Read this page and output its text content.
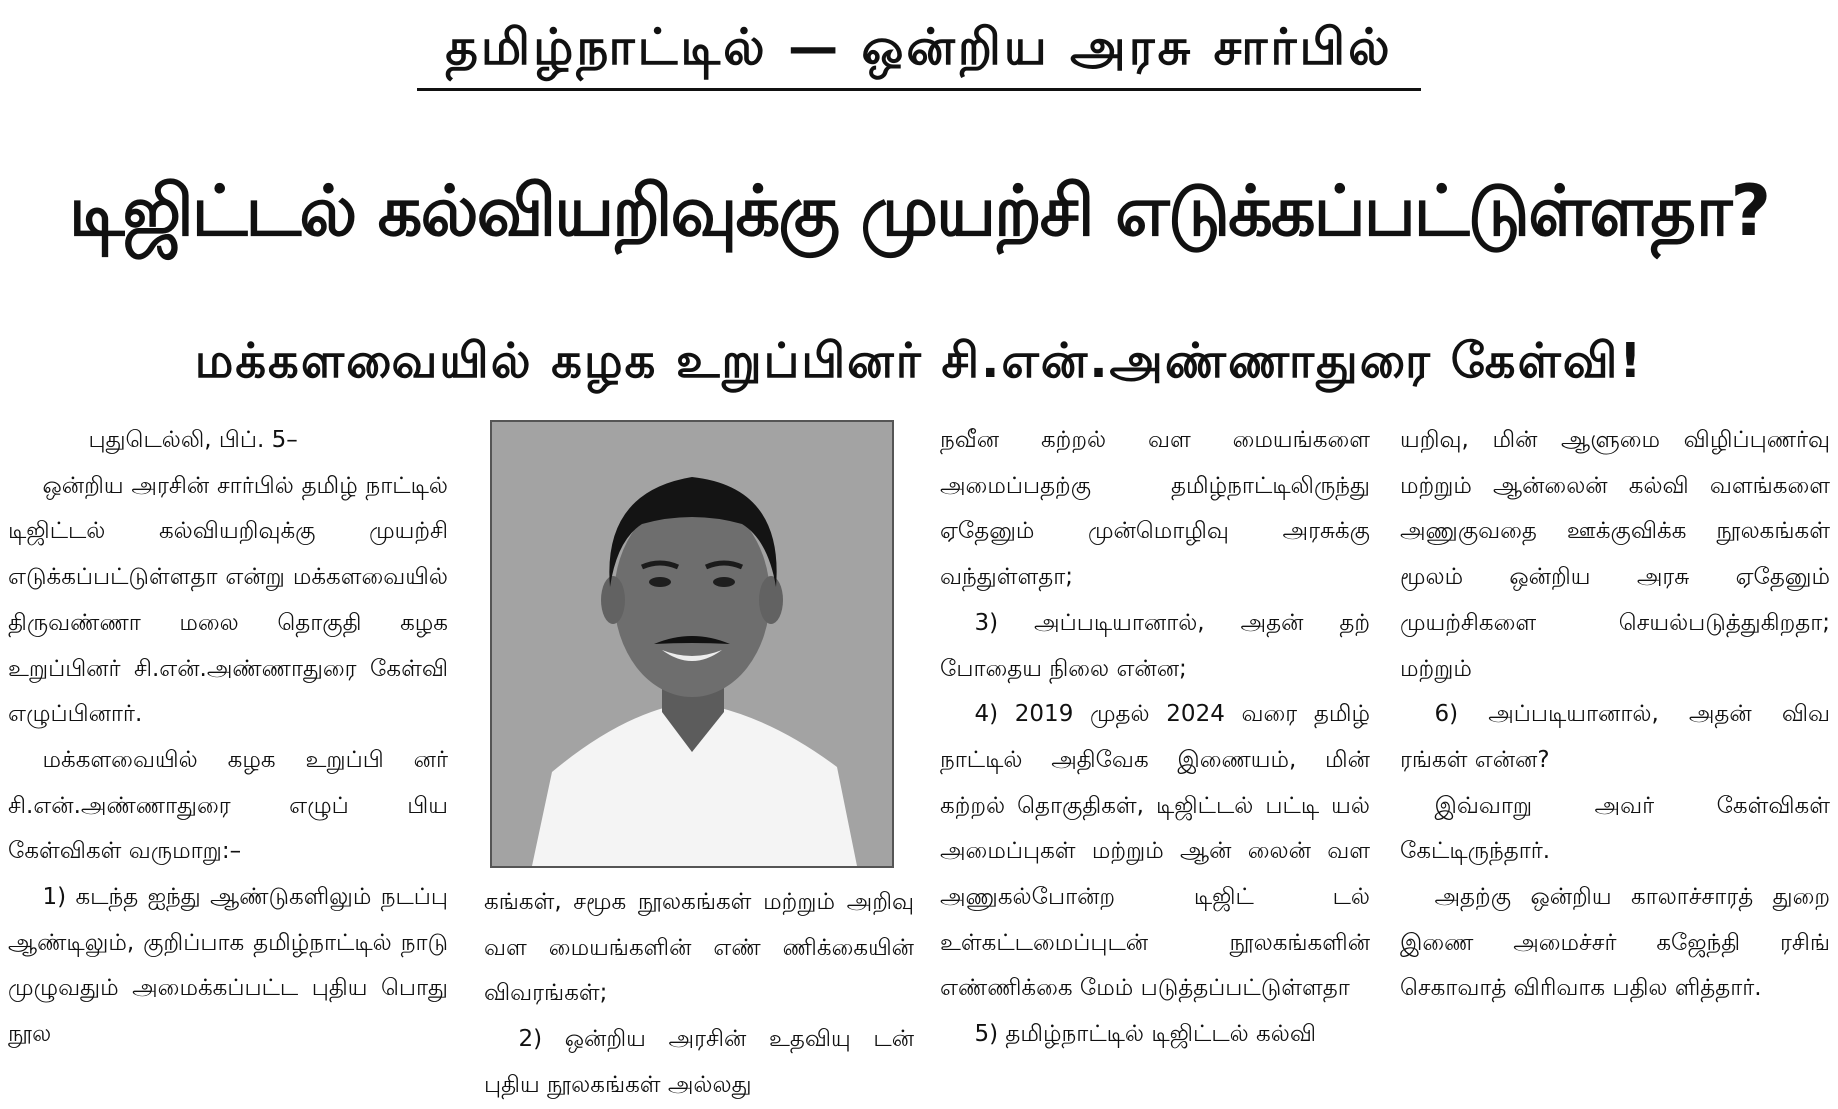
தமிழ்நாட்டில் — ஒன்றிய அரசு சார்பில்
டிஜிட்டல் கல்வியறிவுக்கு முயற்சி எடுக்கப்பட்டுள்ளதா?
மக்களவையில் கழக உறுப்பினர் சி.என்.அண்ணாதுரை கேள்வி!

புதுடெல்லி, பிப். 5–

ஒன்றிய அரசின் சார்பில் தமிழ் நாட்டில் டிஜிட்டல் கல்வியறிவுக்கு முயற்சி எடுக்கப்பட்டுள்ளதா என்று மக்களவையில் திருவண்ணா மலை தொகுதி கழக உறுப்பினர் சி.என்.அண்ணாதுரை கேள்வி எழுப்பினார்.

மக்களவையில் கழக உறுப்பி னர் சி.என்.அண்ணாதுரை எழுப் பிய கேள்விகள் வருமாறு:–

1) கடந்த ஐந்து ஆண்டுகளிலும் நடப்பு ஆண்டிலும், குறிப்பாக தமிழ்நாட்டில் நாடு முழுவதும் அமைக்கப்பட்ட புதிய பொது நூல

கங்கள், சமூக நூலகங்கள் மற்றும் அறிவு வள மையங்களின் எண் ணிக்கையின் விவரங்கள்;

2) ஒன்றிய அரசின் உதவியு டன் புதிய நூலகங்கள் அல்லது

நவீன கற்றல் வள மையங்களை அமைப்பதற்கு தமிழ்நாட்டிலிருந்து ஏதேனும் முன்மொழிவு அரசுக்கு வந்துள்ளதா;

3) அப்படியானால், அதன் தற் போதைய நிலை என்ன;

4) 2019 முதல் 2024 வரை தமிழ் நாட்டில் அதிவேக இணையம், மின் கற்றல் தொகுதிகள், டிஜிட்டல் பட்டி யல் அமைப்புகள் மற்றும் ஆன் லைன் வள அணுகல்போன்ற டிஜிட் டல் உள்கட்டமைப்புடன் நூலகங்களின் எண்ணிக்கை மேம் படுத்தப்பட்டுள்ளதா

5) தமிழ்நாட்டில் டிஜிட்டல் கல்வி

யறிவு, மின் ஆளுமை விழிப்புணர்வு மற்றும் ஆன்லைன் கல்வி வளங்களை அணுகுவதை ஊக்குவிக்க நூலகங்கள் மூலம் ஒன்றிய அரசு ஏதேனும் முயற்சிகளை செயல்படுத்துகிறதா; மற்றும்

6) அப்படியானால், அதன் விவ ரங்கள் என்ன?

இவ்வாறு அவர் கேள்விகள் கேட்டிருந்தார்.

அதற்கு ஒன்றிய காலாச்சாரத் துறை இணை அமைச்சர் கஜேந்தி ரசிங் செகாவாத் விரிவாக பதில ளித்தார்.
